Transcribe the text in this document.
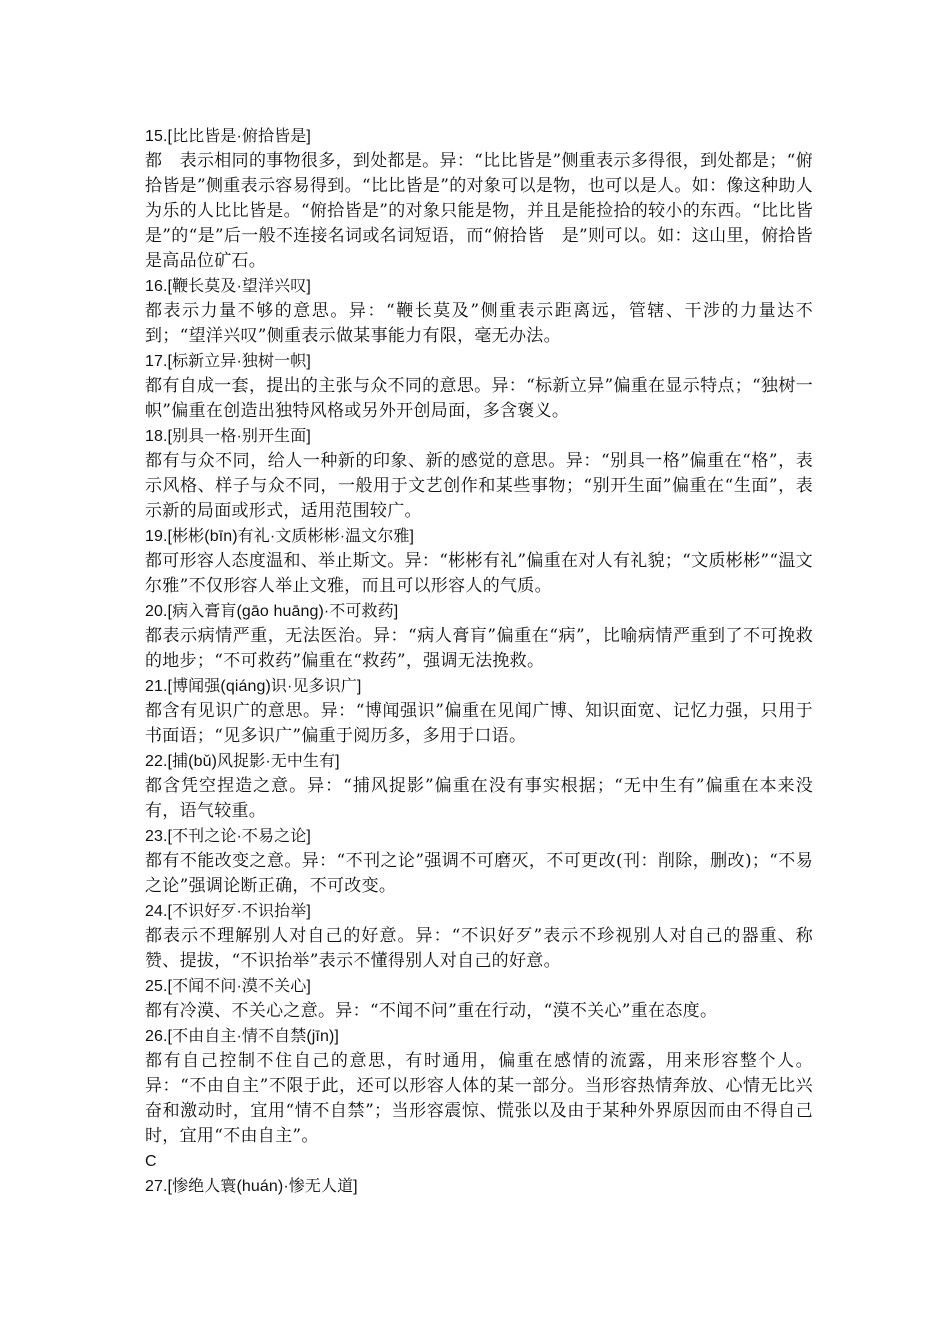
15.[比比皆是·俯拾皆是]
都　表示相同的事物很多，到处都是。异：“比比皆是”侧重表示多得很，到处都是；“俯拾皆是”侧重表示容易得到。“比比皆是”的对象可以是物，也可以是人。如：像这种助人为乐的人比比皆是。“俯拾皆是”的对象只能是物，并且是能捡拾的较小的东西。“比比皆是”的“是”后一般不连接名词或名词短语，而“俯拾皆　是”则可以。如：这山里，俯拾皆是高品位矿石。
16.[鞭长莫及·望洋兴叹]
都表示力量不够的意思。异：“鞭长莫及”侧重表示距离远，管辖、干涉的力量达不到；“望洋兴叹”侧重表示做某事能力有限，毫无办法。
17.[标新立异·独树一帜]
都有自成一套，提出的主张与众不同的意思。异：“标新立异”偏重在显示特点；“独树一帜”偏重在创造出独特风格或另外开创局面，多含褒义。
18.[别具一格·别开生面]
都有与众不同，给人一种新的印象、新的感觉的意思。异：“别具一格”偏重在“格”，表示风格、样子与众不同，一般用于文艺创作和某些事物；“别开生面”偏重在“生面”，表示新的局面或形式，适用范围较广。
19.[彬彬(bīn)有礼·文质彬彬·温文尔雅]
都可形容人态度温和、举止斯文。异：“彬彬有礼”偏重在对人有礼貌；“文质彬彬”“温文尔雅”不仅形容人举止文雅，而且可以形容人的气质。
20.[病入膏肓(gāo huāng)·不可救药]
都表示病情严重，无法医治。异：“病人膏肓”偏重在“病”，比喻病情严重到了不可挽救的地步；“不可救药”偏重在“救药”，强调无法挽救。
21.[博闻强(qiáng)识·见多识广]
都含有见识广的意思。异：“博闻强识”偏重在见闻广博、知识面宽、记忆力强，只用于书面语；“见多识广”偏重于阅历多，多用于口语。
22.[捕(bǔ)风捉影·无中生有]
都含凭空捏造之意。异：“捕风捉影”偏重在没有事实根据；“无中生有”偏重在本来没有，语气较重。
23.[不刊之论·不易之论]
都有不能改变之意。异：“不刊之论”强调不可磨灭，不可更改(刊：削除，删改)；“不易之论”强调论断正确，不可改变。
24.[不识好歹·不识抬举]
都表示不理解别人对自己的好意。异：“不识好歹”表示不珍视别人对自己的器重、称赞、提拔，“不识抬举”表示不懂得别人对自己的好意。
25.[不闻不问·漠不关心]
都有冷漠、不关心之意。异：“不闻不问”重在行动，“漠不关心”重在态度。
26.[不由自主·情不自禁(jīn)]
都有自己控制不住自己的意思，有时通用，偏重在感情的流露，用来形容整个人。异：“不由自主”不限于此，还可以形容人体的某一部分。当形容热情奔放、心情无比兴奋和激动时，宜用“情不自禁”；当形容震惊、慌张以及由于某种外界原因而由不得自己时，宜用“不由自主”。
C
27.[惨绝人寰(huán)·惨无人道]
